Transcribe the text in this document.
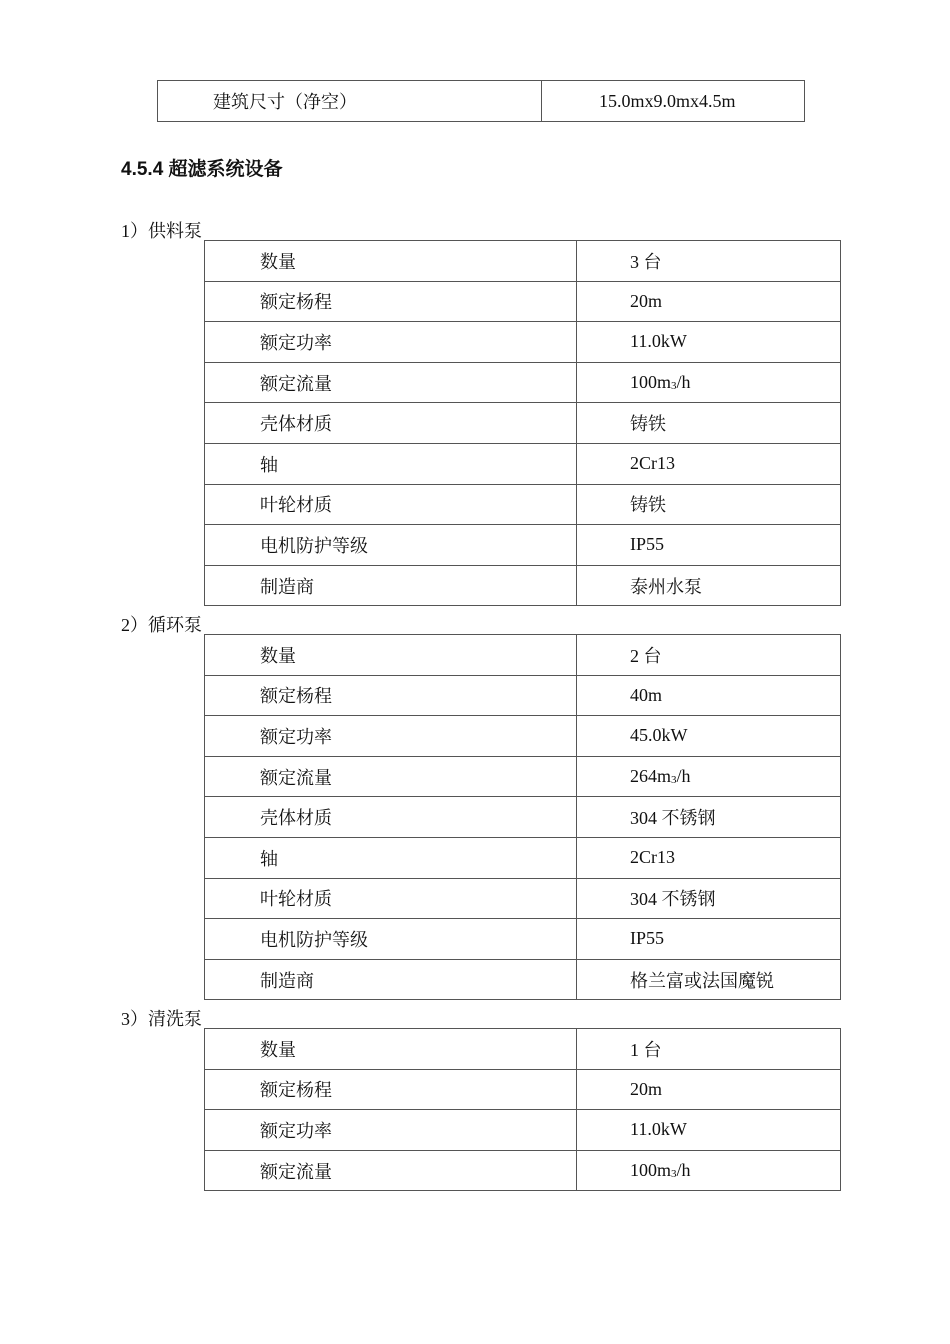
建筑尺寸（净空）	15.0mx9.0mx4.5m
4.5.4 超滤系统设备
1）供料泵
数量	3 台
额定杨程	20m
额定功率	11.0kW
额定流量	$100m_3/h$
壳体材质	铸铁
轴	2Cr13
叶轮材质	铸铁
电机防护等级	IP55
制造商	泰州水泵
2）循环泵
数量	2 台
额定杨程	40m
额定功率	45.0kW
额定流量	$264m_3/h$
壳体材质	304 不锈钢
轴	2Cr13
叶轮材质	304 不锈钢
电机防护等级	IP55
制造商	格兰富或法国魔锐
3）清洗泵
数量	1 台
额定杨程	20m
额定功率	11.0kW
额定流量	$100m_3/h$
